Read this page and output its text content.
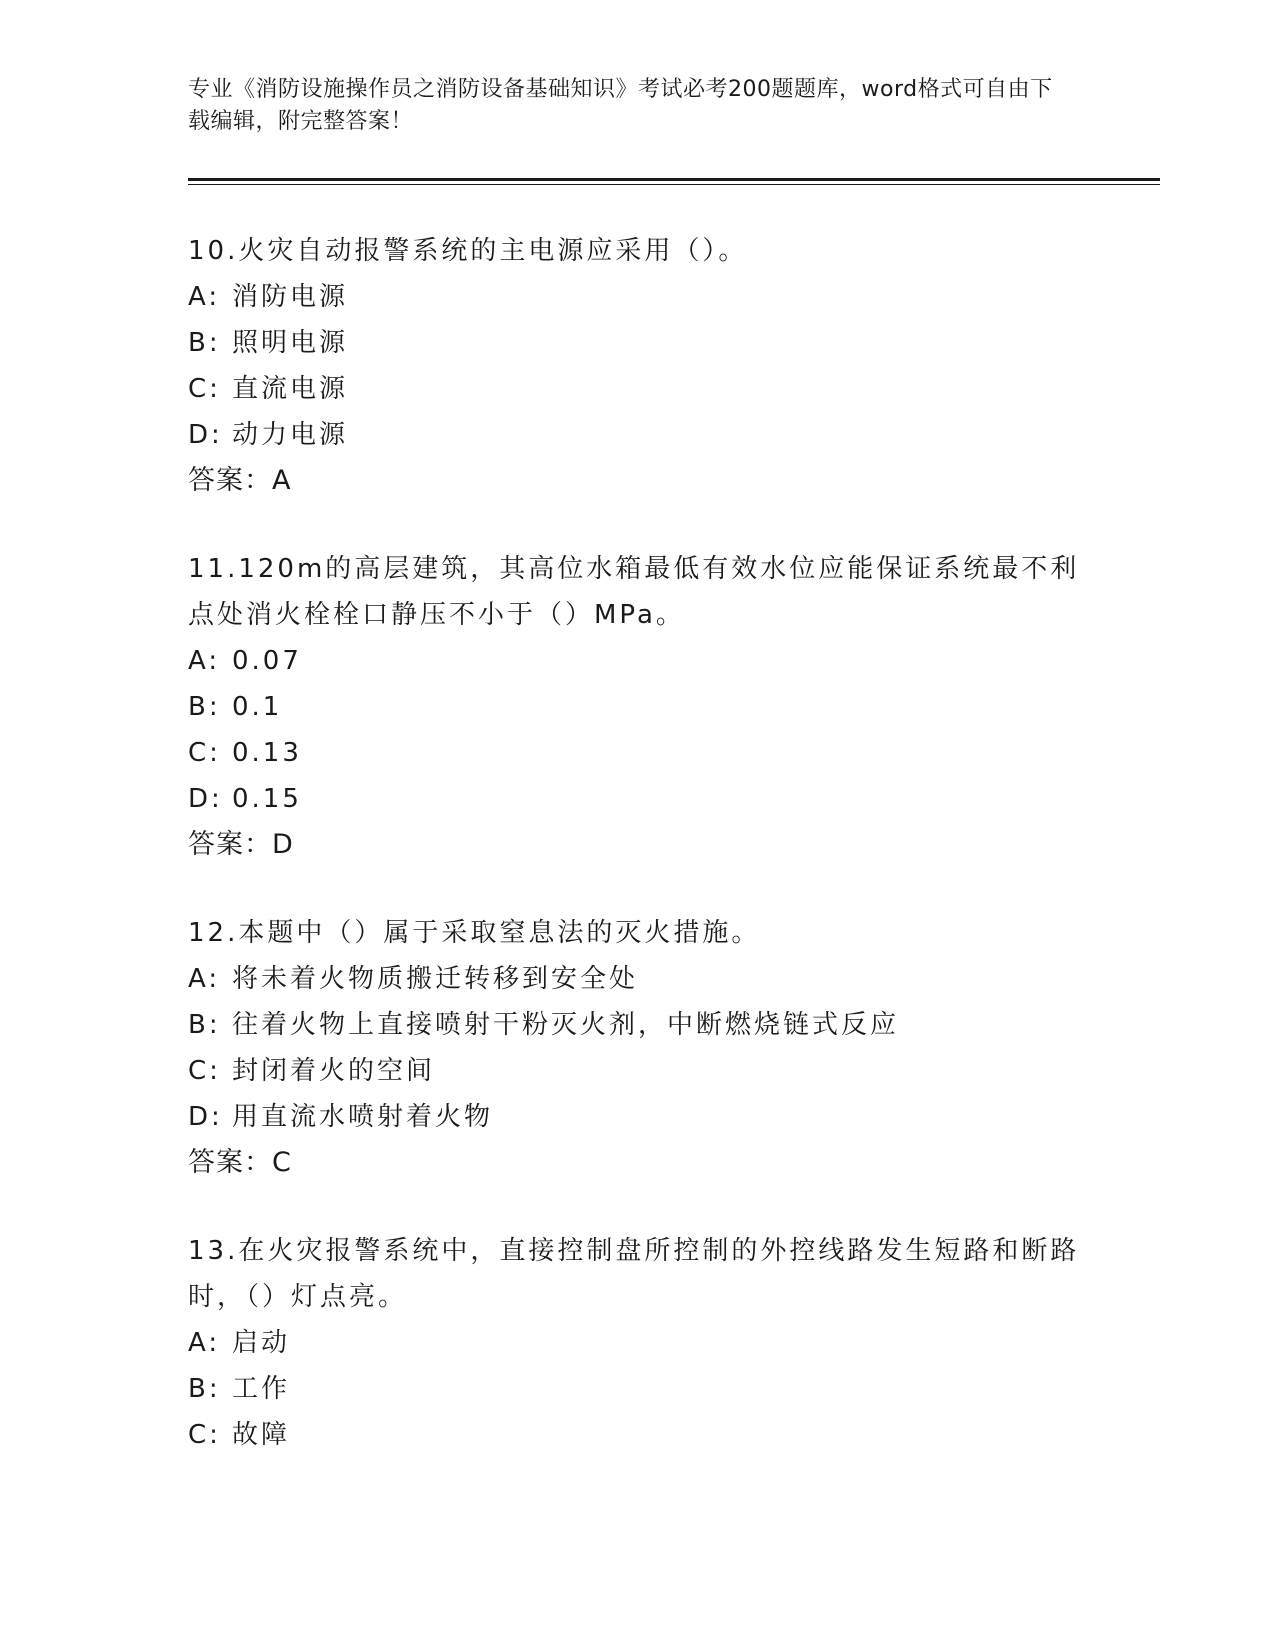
专业《消防设施操作员之消防设备基础知识》考试必考200题题库，word格式可自由下载编辑，附完整答案！
10.火灾自动报警系统的主电源应采用（）。
A: 消防电源
B: 照明电源
C: 直流电源
D: 动力电源
答案：A
11.120m的高层建筑，其高位水箱最低有效水位应能保证系统最不利点处消火栓栓口静压不小于（）MPa。
A: 0.07
B: 0.1
C: 0.13
D: 0.15
答案：D
12.本题中（）属于采取窒息法的灭火措施。
A: 将未着火物质搬迁转移到安全处
B: 往着火物上直接喷射干粉灭火剂，中断燃烧链式反应
C: 封闭着火的空间
D: 用直流水喷射着火物
答案：C
13.在火灾报警系统中，直接控制盘所控制的外控线路发生短路和断路时，（）灯点亮。
A: 启动
B: 工作
C: 故障
